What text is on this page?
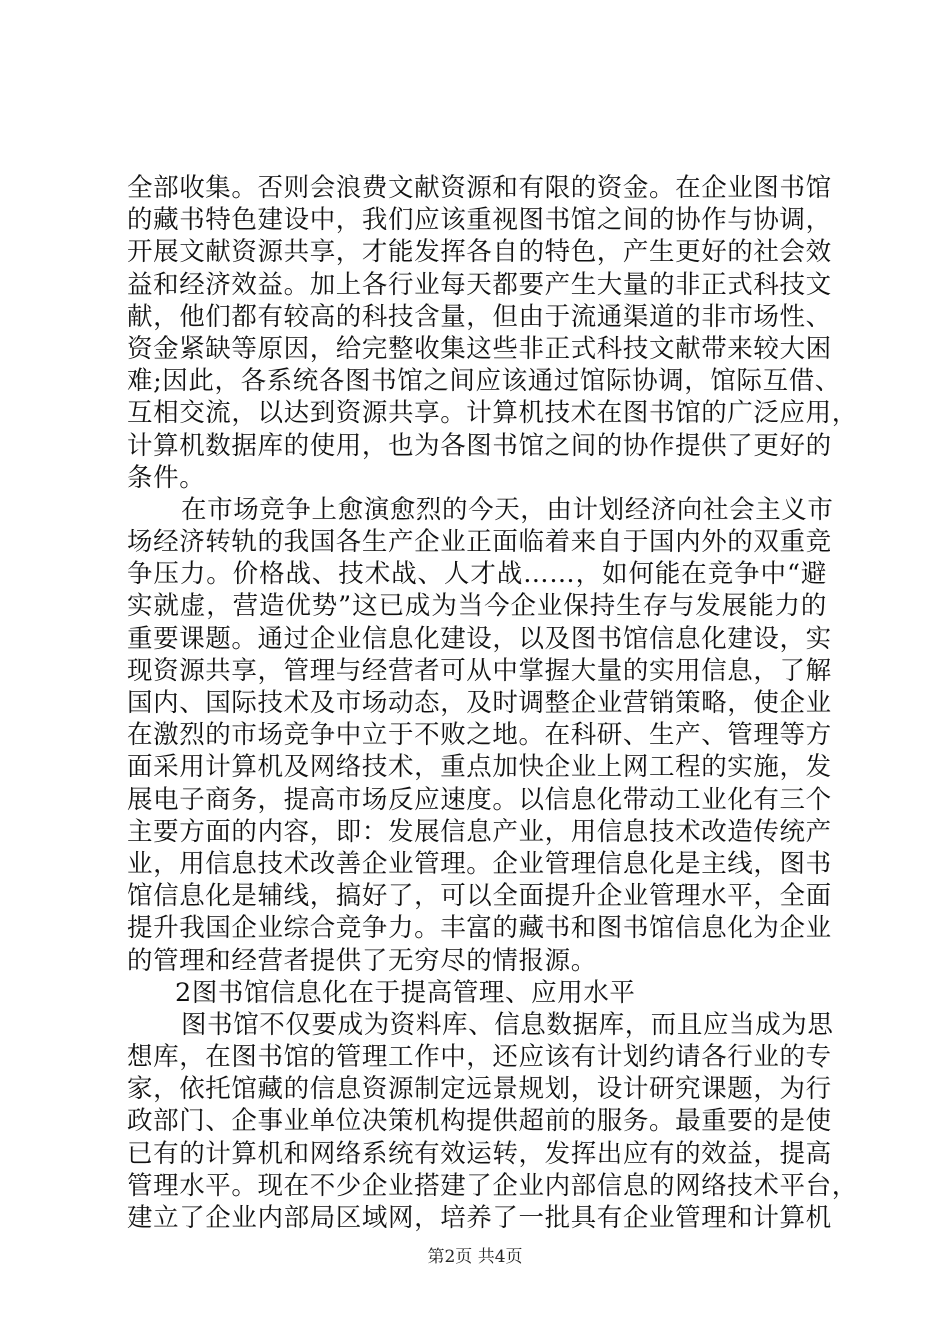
全部收集。否则会浪费文献资源和有限的资金。在企业图书馆
的藏书特色建设中，我们应该重视图书馆之间的协作与协调，
开展文献资源共享，才能发挥各自的特色，产生更好的社会效
益和经济效益。加上各行业每天都要产生大量的非正式科技文
献，他们都有较高的科技含量，但由于流通渠道的非市场性、
资金紧缺等原因，给完整收集这些非正式科技文献带来较大困
难;因此，各系统各图书馆之间应该通过馆际协调，馆际互借、
互相交流，以达到资源共享。计算机技术在图书馆的广泛应用，
计算机数据库的使用，也为各图书馆之间的协作提供了更好的
条件。
在市场竞争上愈演愈烈的今天，由计划经济向社会主义市
场经济转轨的我国各生产企业正面临着来自于国内外的双重竞
争压力。价格战、技术战、人才战……，如何能在竞争中“避
实就虚，营造优势”这已成为当今企业保持生存与发展能力的
重要课题。通过企业信息化建设，以及图书馆信息化建设，实
现资源共享，管理与经营者可从中掌握大量的实用信息，了解
国内、国际技术及市场动态，及时调整企业营销策略，使企业
在激烈的市场竞争中立于不败之地。在科研、生产、管理等方
面采用计算机及网络技术，重点加快企业上网工程的实施，发
展电子商务，提高市场反应速度。以信息化带动工业化有三个
主要方面的内容，即：发展信息产业，用信息技术改造传统产
业，用信息技术改善企业管理。企业管理信息化是主线，图书
馆信息化是辅线，搞好了，可以全面提升企业管理水平，全面
提升我国企业综合竞争力。丰富的藏书和图书馆信息化为企业
的管理和经营者提供了无穷尽的情报源。
2图书馆信息化在于提高管理、应用水平
图书馆不仅要成为资料库、信息数据库，而且应当成为思
想库，在图书馆的管理工作中，还应该有计划约请各行业的专
家，依托馆藏的信息资源制定远景规划，设计研究课题，为行
政部门、企事业单位决策机构提供超前的服务。最重要的是使
已有的计算机和网络系统有效运转，发挥出应有的效益，提高
管理水平。现在不少企业搭建了企业内部信息的网络技术平台，
建立了企业内部局区域网，培养了一批具有企业管理和计算机
第2页 共4页
